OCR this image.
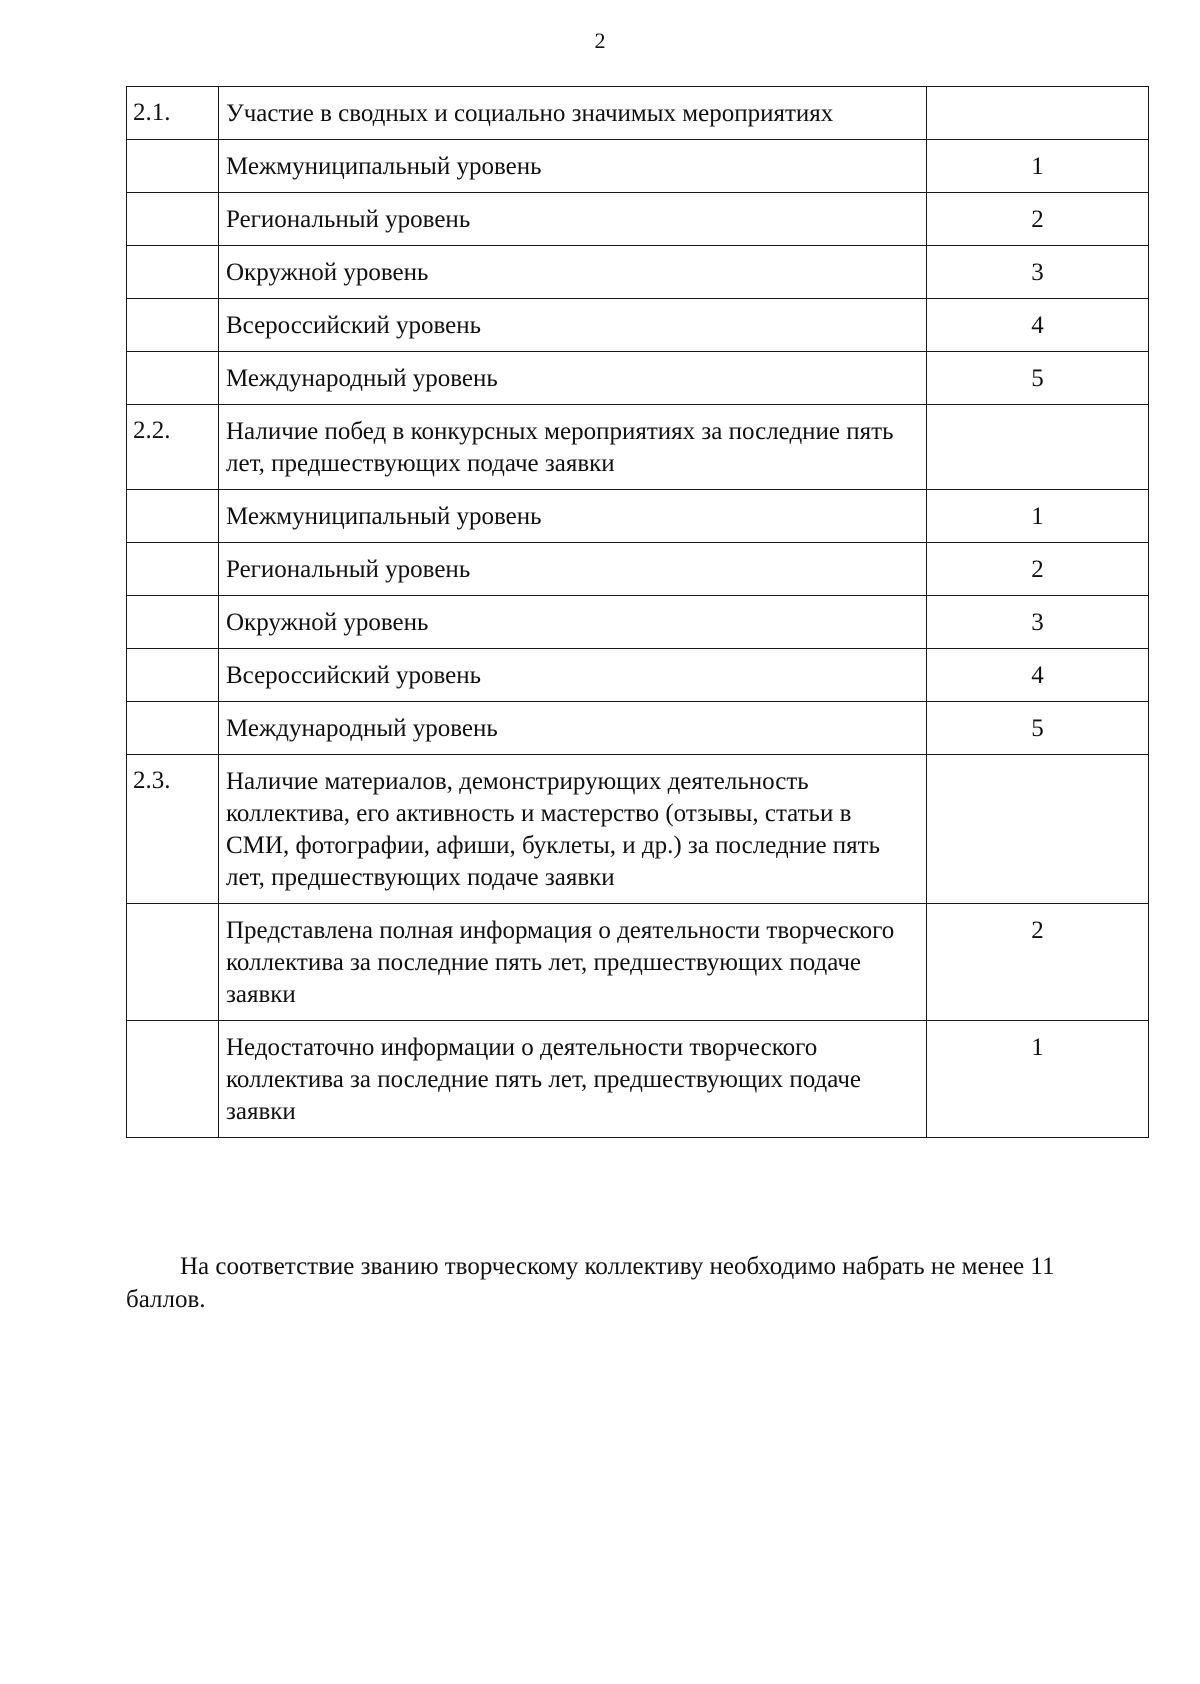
2
2.1.	Участие в сводных и социально значимых мероприятиях	
	Межмуниципальный уровень	1
	Региональный уровень	2
	Окружной уровень	3
	Всероссийский уровень	4
	Международный уровень	5
2.2.	Наличие побед в конкурсных мероприятиях за последние пять лет, предшествующих подаче заявки	
	Межмуниципальный уровень	1
	Региональный уровень	2
	Окружной уровень	3
	Всероссийский уровень	4
	Международный уровень	5
2.3.	Наличие материалов, демонстрирующих деятельность коллектива, его активность и мастерство (отзывы, статьи в СМИ, фотографии, афиши, буклеты, и др.) за последние пять лет, предшествующих подаче заявки	
	Представлена полная информация о деятельности творческого коллектива за последние пять лет, предшествующих подаче заявки	2
	Недостаточно информации о деятельности творческого коллектива за последние пять лет, предшествующих подаче заявки	1

На соответствие званию творческому коллективу необходимо набрать не менее 11 баллов.
